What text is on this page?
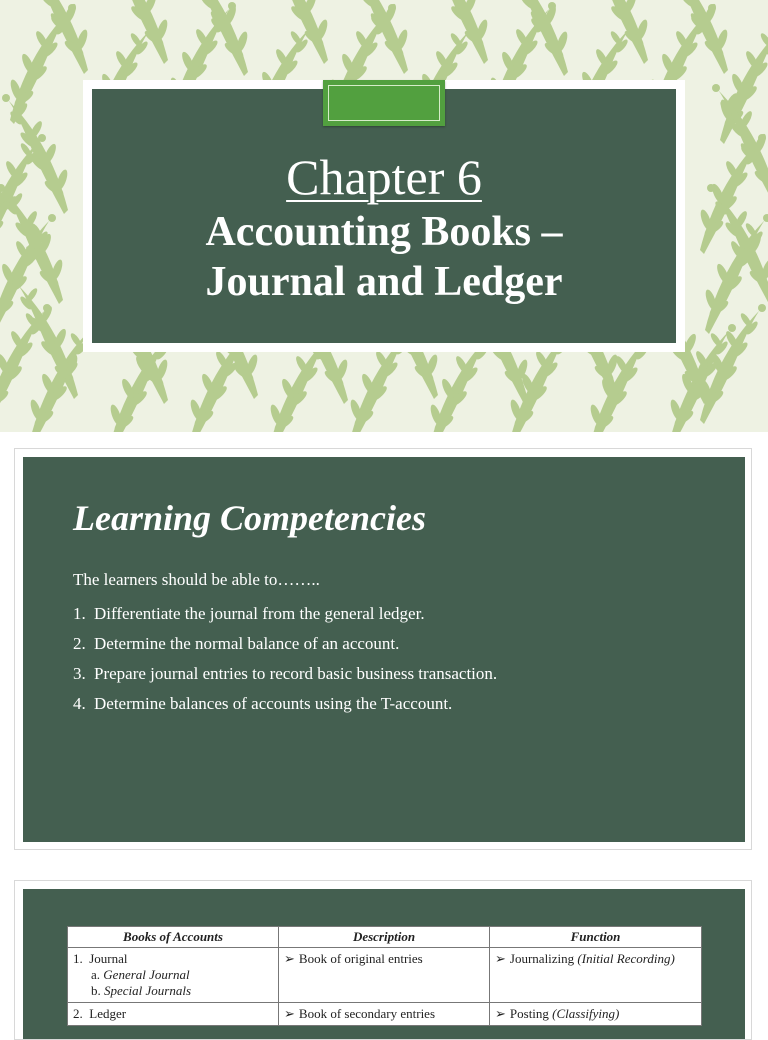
Chapter 6
Accounting Books –
Journal and Ledger
Learning Competencies
The learners should be able to……..
1. Differentiate the journal from the general ledger.
2. Determine the normal balance of an account.
3. Prepare journal entries to record basic business transaction.
4. Determine balances of accounts using the T-account.
Books of Accounts	Description	Function

1. Journal
a. General Journal
b. Special Journals	➢ Book of original entries	➢ Journalizing (Initial Recording)
2. Ledger	➢ Book of secondary entries	➢ Posting (Classifying)
